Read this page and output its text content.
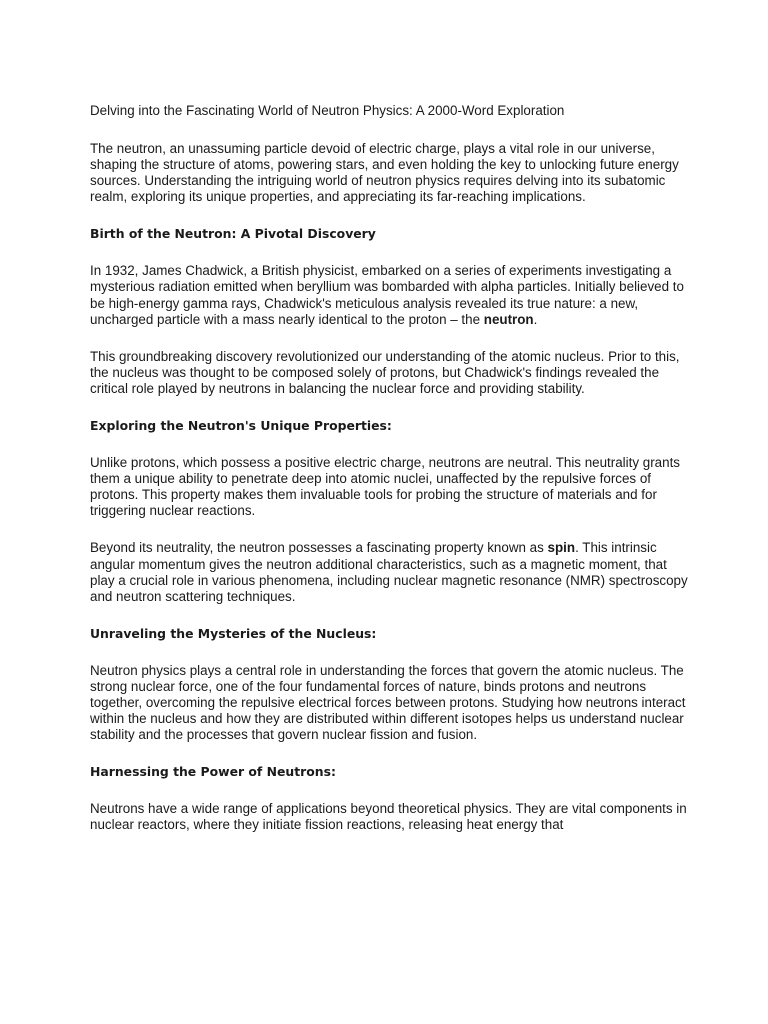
Delving into the Fascinating World of Neutron Physics: A 2000-Word Exploration

The neutron, an unassuming particle devoid of electric charge, plays a vital role in our universe, shaping the structure of atoms, powering stars, and even holding the key to unlocking future energy sources. Understanding the intriguing world of neutron physics requires delving into its subatomic realm, exploring its unique properties, and appreciating its far-reaching implications.

Birth of the Neutron: A Pivotal Discovery

In 1932, James Chadwick, a British physicist, embarked on a series of experiments investigating a mysterious radiation emitted when beryllium was bombarded with alpha particles. Initially believed to be high-energy gamma rays, Chadwick's meticulous analysis revealed its true nature: a new, uncharged particle with a mass nearly identical to the proton – the neutron.

This groundbreaking discovery revolutionized our understanding of the atomic nucleus. Prior to this, the nucleus was thought to be composed solely of protons, but Chadwick's findings revealed the critical role played by neutrons in balancing the nuclear force and providing stability.

Exploring the Neutron's Unique Properties:

Unlike protons, which possess a positive electric charge, neutrons are neutral. This neutrality grants them a unique ability to penetrate deep into atomic nuclei, unaffected by the repulsive forces of protons. This property makes them invaluable tools for probing the structure of materials and for triggering nuclear reactions.

Beyond its neutrality, the neutron possesses a fascinating property known as spin. This intrinsic angular momentum gives the neutron additional characteristics, such as a magnetic moment, that play a crucial role in various phenomena, including nuclear magnetic resonance (NMR) spectroscopy and neutron scattering techniques.

Unraveling the Mysteries of the Nucleus:

Neutron physics plays a central role in understanding the forces that govern the atomic nucleus. The strong nuclear force, one of the four fundamental forces of nature, binds protons and neutrons together, overcoming the repulsive electrical forces between protons. Studying how neutrons interact within the nucleus and how they are distributed within different isotopes helps us understand nuclear stability and the processes that govern nuclear fission and fusion.

Harnessing the Power of Neutrons:

Neutrons have a wide range of applications beyond theoretical physics. They are vital components in nuclear reactors, where they initiate fission reactions, releasing heat energy that
